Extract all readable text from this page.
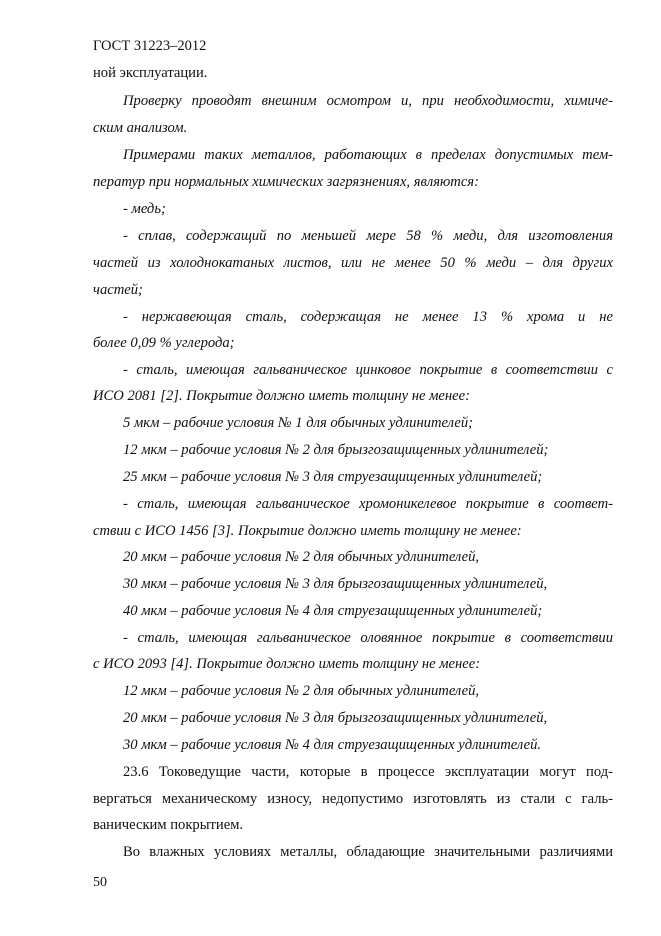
ГОСТ 31223–2012
ной эксплуатации.
Проверку проводят внешним осмотром и, при необходимости, химиче-
ским анализом.
Примерами таких металлов, работающих в пределах допустимых тем-
ператур при нормальных химических загрязнениях, являются:
- медь;
- сплав, содержащий по меньшей мере 58 % меди, для изготовления
частей из холоднокатаных листов, или не менее 50 % меди – для других
частей;
- нержавеющая сталь, содержащая не менее 13 % хрома и не
более 0,09 % углерода;
- сталь, имеющая гальваническое цинковое покрытие в соответствии с
ИСО 2081 [2]. Покрытие должно иметь толщину не менее:
5 мкм – рабочие условия № 1 для обычных удлинителей;
12 мкм – рабочие условия № 2 для брызгозащищенных удлинителей;
25 мкм – рабочие условия № 3 для струезащищенных удлинителей;
- сталь, имеющая гальваническое хромоникелевое покрытие в соответ-
ствии с ИСО 1456 [3]. Покрытие должно иметь толщину не менее:
20 мкм – рабочие условия № 2 для обычных удлинителей,
30 мкм – рабочие условия № 3 для брызгозащищенных удлинителей,
40 мкм – рабочие условия № 4 для струезащищенных удлинителей;
- сталь, имеющая гальваническое оловянное покрытие в соответствии
с ИСО 2093 [4]. Покрытие должно иметь толщину не менее:
12 мкм – рабочие условия № 2 для обычных удлинителей,
20 мкм – рабочие условия № 3 для брызгозащищенных удлинителей,
30 мкм – рабочие условия № 4 для струезащищенных удлинителей.
23.6 Токоведущие части, которые в процессе эксплуатации могут под-
вергаться механическому износу, недопустимо изготовлять из стали с галь-
ваническим покрытием.
Во влажных условиях металлы, обладающие значительными различиями
50
